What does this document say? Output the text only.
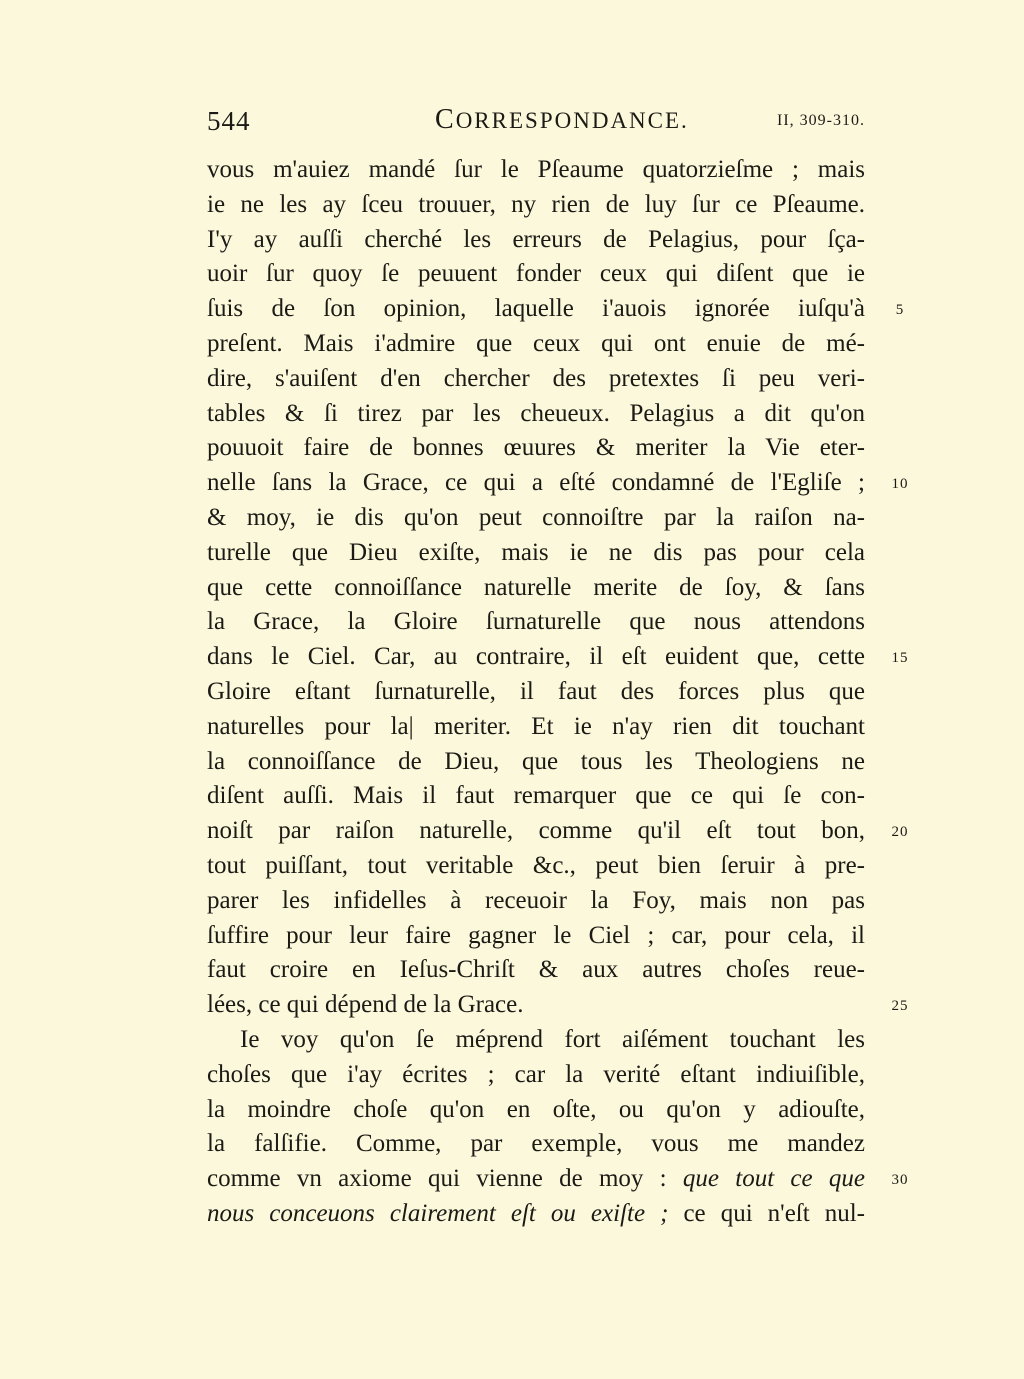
544	CORRESPONDANCE.	II, 309-310.
vous m'auiez mandé ſur le Pſeaume quatorzieſme ; mais
ie ne les ay ſceu trouuer, ny rien de luy ſur ce Pſeaume.
I'y ay auſſi cherché les erreurs de Pelagius, pour ſça-
uoir ſur quoy ſe peuuent fonder ceux qui diſent que ie
ſuis de ſon opinion, laquelle i'auois ignorée iuſqu'à
preſent. Mais i'admire que ceux qui ont enuie de mé-
dire, s'auiſent d'en chercher des pretextes ſi peu veri-
tables & ſi tirez par les cheueux. Pelagius a dit qu'on
pouuoit faire de bonnes œuures & meriter la Vie eter-
nelle ſans la Grace, ce qui a eſté condamné de l'Egliſe ;
& moy, ie dis qu'on peut connoiſtre par la raiſon na-
turelle que Dieu exiſte, mais ie ne dis pas pour cela
que cette connoiſſance naturelle merite de ſoy, & ſans
la Grace, la Gloire ſurnaturelle que nous attendons
dans le Ciel. Car, au contraire, il eſt euident que, cette
Gloire eſtant ſurnaturelle, il faut des forces plus que
naturelles pour la| meriter. Et ie n'ay rien dit touchant
la connoiſſance de Dieu, que tous les Theologiens ne
diſent auſſi. Mais il faut remarquer que ce qui ſe con-
noiſt par raiſon naturelle, comme qu'il eſt tout bon,
tout puiſſant, tout veritable &c., peut bien ſeruir à pre-
parer les infidelles à receuoir la Foy, mais non pas
ſuffire pour leur faire gagner le Ciel ; car, pour cela, il
faut croire en Ieſus-Chriſt & aux autres choſes reue-
lées, ce qui dépend de la Grace.
Ie voy qu'on ſe méprend fort aiſément touchant les
choſes que i'ay écrites ; car la verité eſtant indiuiſible,
la moindre choſe qu'on en oſte, ou qu'on y adiouſte,
la falſifie. Comme, par exemple, vous me mandez
comme vn axiome qui vienne de moy : que tout ce que
nous conceuons clairement eſt ou exiſte ; ce qui n'eſt nul-
5
10
15
20
25
30
